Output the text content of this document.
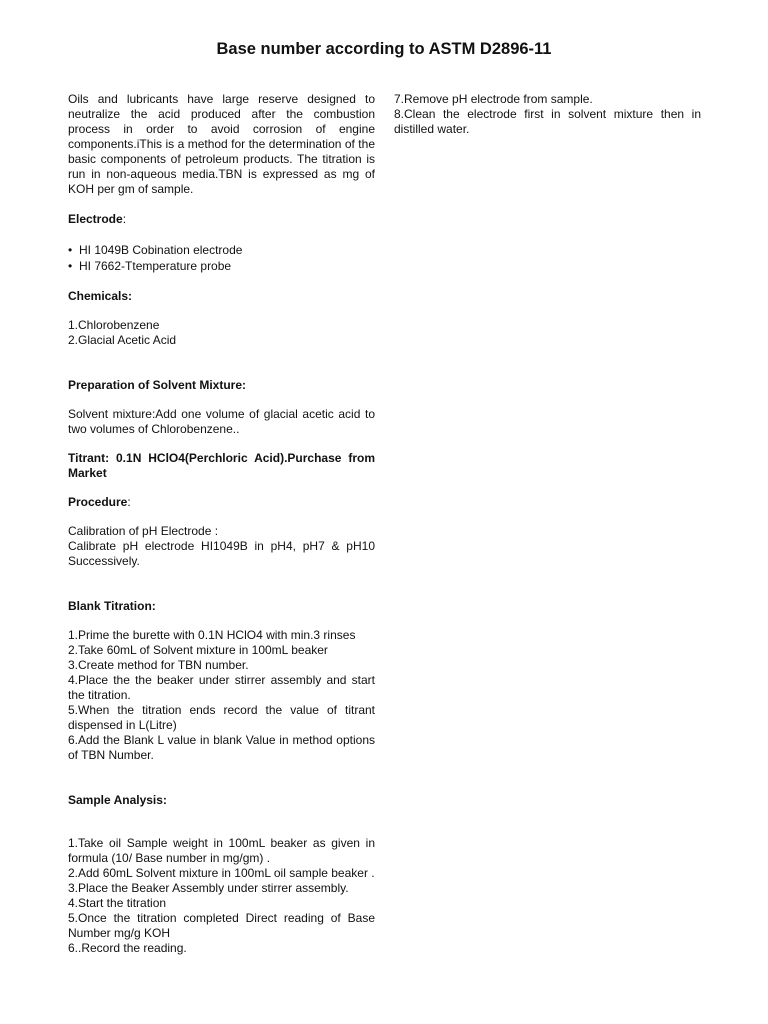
Base number according to ASTM D2896-11

Oils and lubricants have large reserve designed to neutralize the acid produced after the combustion process in order to avoid corrosion of engine components.iThis is a method for the determination of the basic components of petroleum products. The titration is run in non-aqueous media.TBN is expressed as mg of KOH per gm of sample.

Electrode:

• HI 1049B Cobination electrode
• HI 7662-Ttemperature probe

Chemicals:

1.Chlorobenzene
2.Glacial Acetic Acid

Preparation of Solvent Mixture:

Solvent mixture:Add one volume of glacial acetic acid to two volumes of Chlorobenzene..

Titrant: 0.1N HClO4(Perchloric Acid).Purchase from Market

Procedure:

Calibration of pH Electrode :

Calibrate pH electrode HI1049B in pH4, pH7 & pH10 Successively.

Blank Titration:

1.Prime the burette with 0.1N HClO4 with min.3 rinses
2.Take 60mL of Solvent mixture in 100mL beaker
3.Create method for TBN number.
4.Place the the beaker under stirrer assembly and start the titration.
5.When the titration ends record the value of titrant dispensed in L(Litre)
6.Add the Blank L value in blank Value in method options of TBN Number.

Sample Analysis:

1.Take oil Sample weight in 100mL beaker as given in formula (10/ Base number in mg/gm) .
2.Add 60mL Solvent mixture in 100mL oil sample beaker .
3.Place the Beaker Assembly under stirrer assembly.
4.Start the titration
5.Once the titration completed Direct reading of Base Number mg/g KOH
6..Record the reading.
7.Remove pH electrode from sample.
8.Clean the electrode first in solvent mixture then in distilled water.
